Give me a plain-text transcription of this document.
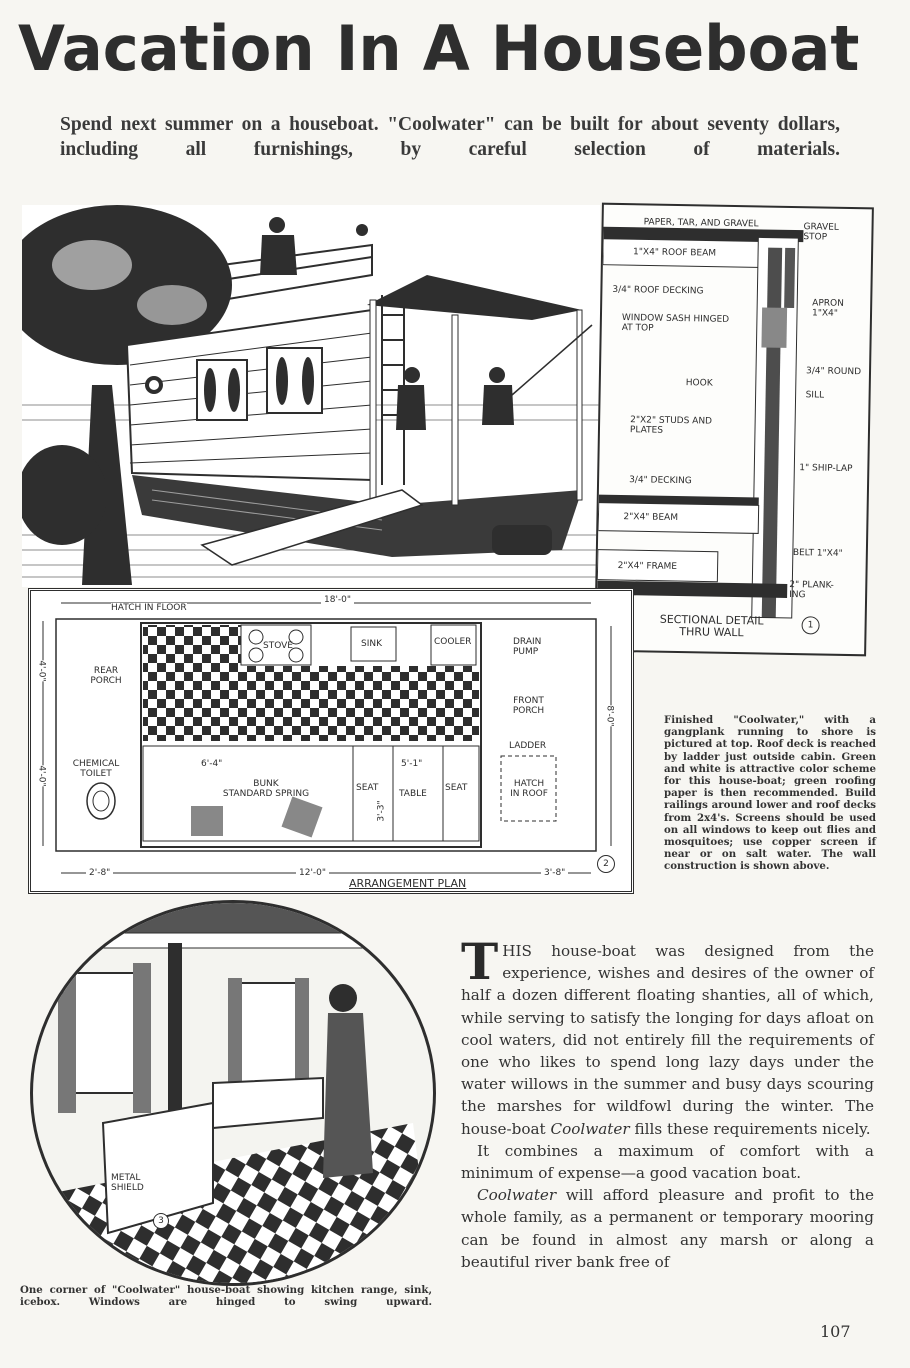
Vacation In A Houseboat
Spend next summer on a houseboat. "Coolwater" can be built for about seventy dollars, including all furnishings, by careful selection of materials.
PAPER, TAR, AND GRAVEL	GRAVEL STOP
1"X4" ROOF BEAM
3/4" ROOF DECKING
APRON 1"X4"
WINDOW SASH HINGED AT TOP
3/4" ROUND
HOOK
SILL
2"X2" STUDS AND PLATES
1" SHIP-LAP
3/4" DECKING
2"X4" BEAM
BELT 1"X4"
2"X4" FRAME
2" PLANK-ING
SECTIONAL DETAIL
THRU WALL	1
HATCH IN FLOOR
18'-0"
STOVE	SINK	COOLER	DRAIN PUMP
REAR PORCH
FRONT PORCH
LADDER
CHEMICAL TOILET
6'-4"
BUNK
STANDARD SPRING
SEAT
TABLE
SEAT
5'-1"
3'-3"
HATCH IN ROOF
8'-0"
4'-0"
4'-0"
2'-8"	12'-0"	3'-8"
ARRANGEMENT PLAN
2
Finished "Coolwater," with a gangplank running to shore is pictured at top. Roof deck is reached by ladder just outside cabin. Green and white is attractive color scheme for this house-boat; green roofing paper is then recommended. Build railings around lower and roof decks from 2x4's. Screens should be used on all windows to keep out flies and mosquitoes; use copper screen if near or on salt water. The wall construction is shown above.
METAL SHIELD
3
One corner of "Coolwater" house-boat showing kitchen range, sink, icebox. Windows are hinged to swing upward.

THIS house-boat was designed from the experience, wishes and desires of the owner of half a dozen different floating shanties, all of which, while serving to satisfy the longing for days afloat on cool waters, did not entirely fill the requirements of one who likes to spend long lazy days under the water willows in the summer and busy days scouring the marshes for wildfowl during the winter. The house-boat Coolwater fills these requirements nicely.

It combines a maximum of comfort with a minimum of expense—a good vacation boat.

Coolwater will afford pleasure and profit to the whole family, as a permanent or temporary mooring can be found in almost any marsh or along a beautiful river bank free of

107
